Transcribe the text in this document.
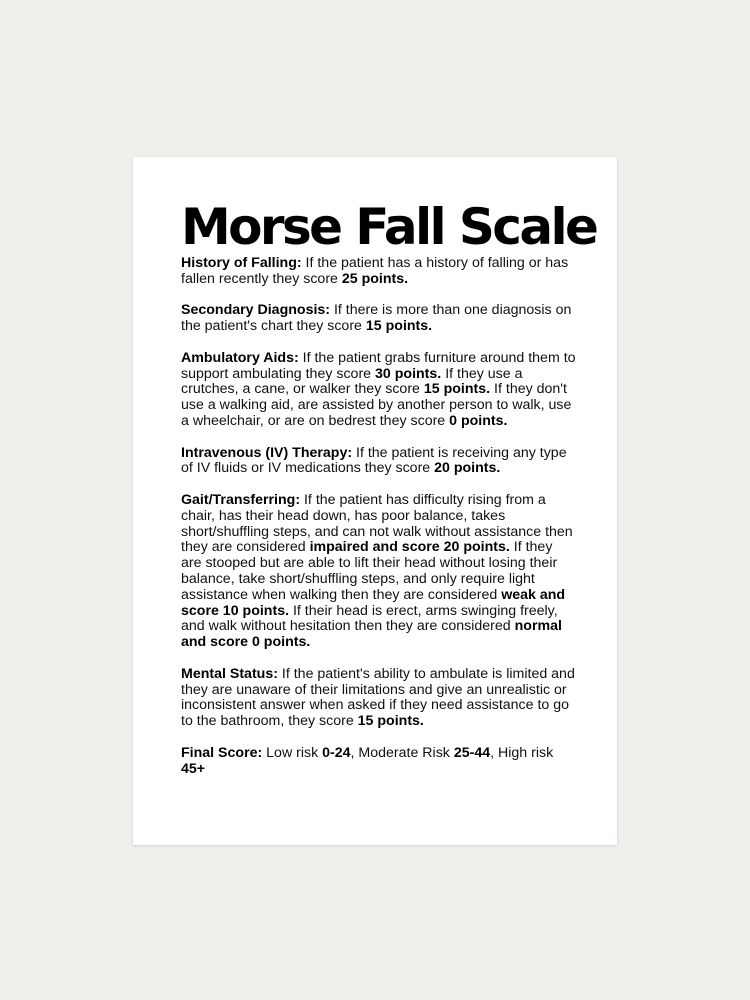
Morse Fall Scale

History of Falling: If the patient has a history of falling or has fallen recently they score 25 points.

Secondary Diagnosis: If there is more than one diagnosis on the patient's chart they score 15 points.

Ambulatory Aids: If the patient grabs furniture around them to support ambulating they score 30 points. If they use a crutches, a cane, or walker they score 15 points. If they don't use a walking aid, are assisted by another person to walk, use a wheelchair, or are on bedrest they score 0 points.

Intravenous (IV) Therapy: If the patient is receiving any type of IV fluids or IV medications they score 20 points.

Gait/Transferring: If the patient has difficulty rising from a chair, has their head down, has poor balance, takes short/shuffling steps, and can not walk without assistance then they are considered impaired and score 20 points. If they are stooped but are able to lift their head without losing their balance, take short/shuffling steps, and only require light assistance when walking then they are considered weak and score 10 points. If their head is erect, arms swinging freely, and walk without hesitation then they are considered normal and score 0 points.

Mental Status: If the patient's ability to ambulate is limited and they are unaware of their limitations and give an unrealistic or inconsistent answer when asked if they need assistance to go to the bathroom, they score 15 points.

Final Score: Low risk 0-24, Moderate Risk 25-44, High risk 45+
